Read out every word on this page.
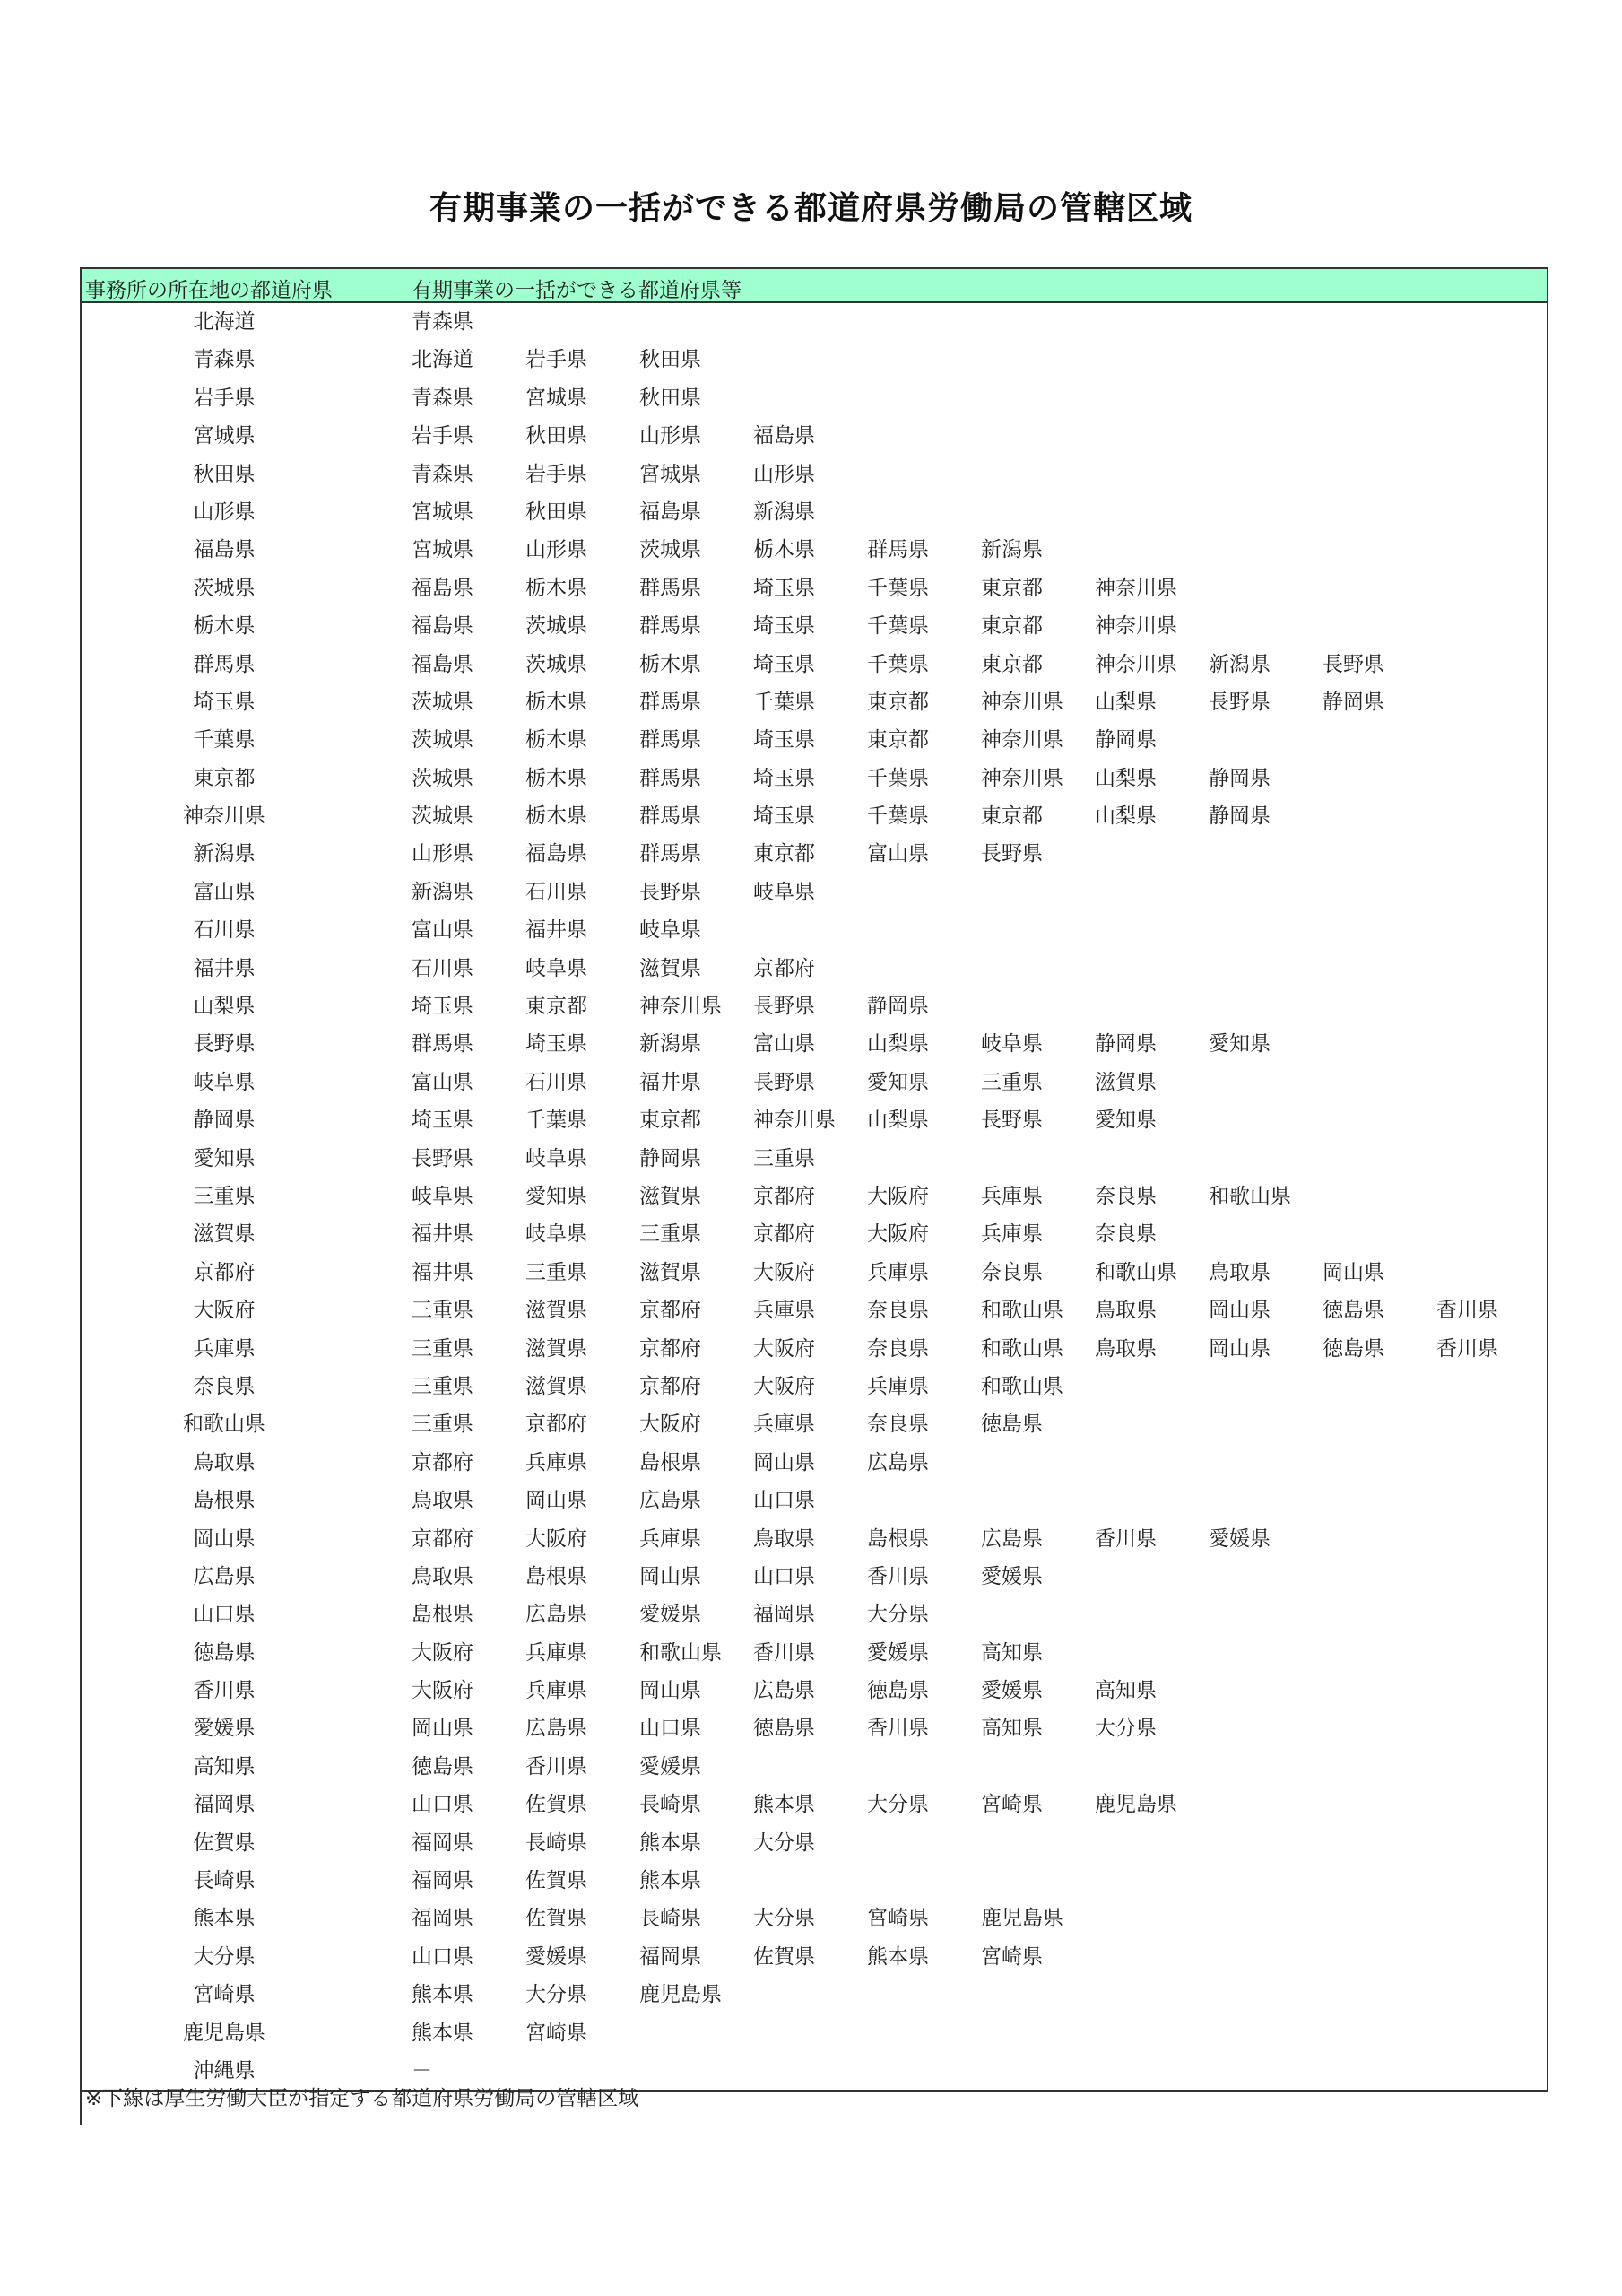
有期事業の一括ができる都道府県労働局の管轄区域
事務所の所在地の都道府県	有期事業の一括ができる都道府県等
北海道	青森県
青森県	北海道	岩手県	秋田県
岩手県	青森県	宮城県	秋田県
宮城県	岩手県	秋田県	山形県	福島県
秋田県	青森県	岩手県	宮城県	山形県
山形県	宮城県	秋田県	福島県	新潟県
福島県	宮城県	山形県	茨城県	栃木県	群馬県	新潟県
茨城県	福島県	栃木県	群馬県	埼玉県	千葉県	東京都	神奈川県
栃木県	福島県	茨城県	群馬県	埼玉県	千葉県	東京都	神奈川県
群馬県	福島県	茨城県	栃木県	埼玉県	千葉県	東京都	神奈川県 新潟県	長野県
埼玉県	茨城県	栃木県	群馬県	千葉県	東京都	神奈川県 山梨県	長野県	静岡県
千葉県	茨城県	栃木県	群馬県	埼玉県	東京都	神奈川県 静岡県
東京都	茨城県	栃木県	群馬県	埼玉県	千葉県	神奈川県 山梨県	静岡県
神奈川県	茨城県	栃木県	群馬県	埼玉県	千葉県	東京都	山梨県	静岡県
新潟県	山形県	福島県	群馬県	東京都	富山県	長野県
富山県	新潟県	石川県	長野県	岐阜県
石川県	富山県	福井県	岐阜県
福井県	石川県	岐阜県	滋賀県	京都府
山梨県	埼玉県	東京都	神奈川県 長野県	静岡県
長野県	群馬県	埼玉県	新潟県	富山県	山梨県	岐阜県	静岡県	愛知県
岐阜県	富山県	石川県	福井県	長野県	愛知県	三重県	滋賀県
静岡県	埼玉県	千葉県	東京都	神奈川県 山梨県	長野県	愛知県
愛知県	長野県	岐阜県	静岡県	三重県
三重県	岐阜県	愛知県	滋賀県	京都府	大阪府	兵庫県	奈良県	和歌山県
滋賀県	福井県	岐阜県	三重県	京都府	大阪府	兵庫県	奈良県
京都府	福井県	三重県	滋賀県	大阪府	兵庫県	奈良県	和歌山県 鳥取県	岡山県
大阪府	三重県	滋賀県	京都府	兵庫県	奈良県	和歌山県 鳥取県	岡山県	徳島県	香川県
兵庫県	三重県	滋賀県	京都府	大阪府	奈良県	和歌山県 鳥取県	岡山県	徳島県	香川県
奈良県	三重県	滋賀県	京都府	大阪府	兵庫県	和歌山県
和歌山県	三重県	京都府	大阪府	兵庫県	奈良県	徳島県
鳥取県	京都府	兵庫県	島根県	岡山県	広島県
島根県	鳥取県	岡山県	広島県	山口県
岡山県	京都府	大阪府	兵庫県	鳥取県	島根県	広島県	香川県	愛媛県
広島県	鳥取県	島根県	岡山県	山口県	香川県	愛媛県
山口県	島根県	広島県	愛媛県	福岡県	大分県
徳島県	大阪府	兵庫県	和歌山県 香川県	愛媛県	高知県
香川県	大阪府	兵庫県	岡山県	広島県	徳島県	愛媛県	高知県
愛媛県	岡山県	広島県	山口県	徳島県	香川県	高知県	大分県
高知県	徳島県	香川県	愛媛県
福岡県	山口県	佐賀県	長崎県	熊本県	大分県	宮崎県	鹿児島県
佐賀県	福岡県	長崎県	熊本県	大分県
長崎県	福岡県	佐賀県	熊本県
熊本県	福岡県	佐賀県	長崎県	大分県	宮崎県	鹿児島県
大分県	山口県	愛媛県	福岡県	佐賀県	熊本県	宮崎県
宮崎県	熊本県	大分県	鹿児島県
鹿児島県	熊本県	宮崎県
沖縄県	－
※下線は厚生労働大臣が指定する都道府県労働局の管轄区域
